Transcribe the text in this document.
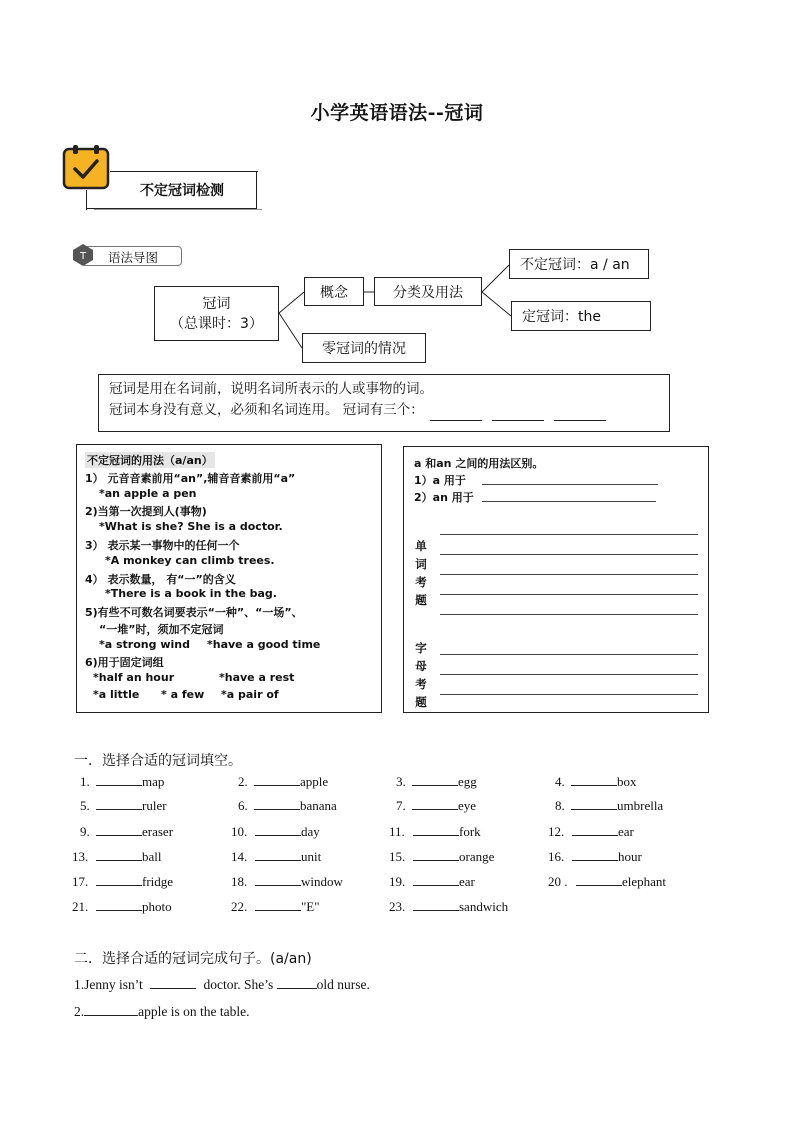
小学英语语法--冠词
不定冠词检测
T 语法导图
冠词
（总课时：3）
概念	分类及用法
不定冠词：a / an
定冠词：the
零冠词的情况
冠词是用在名词前，说明名词所表示的人或事物的词。
冠词本身没有意义，必须和名词连用。 冠词有三个：
不定冠词的用法（a/an）
1） 元音音素前用“an”,辅音音素前用“a”
*an apple a pen
2)当第一次提到人(事物)
*What is she? She is a doctor.
3） 表示某一事物中的任何一个
*A monkey can climb trees.
4） 表示数量， 有“一”的含义
*There is a book in the bag.
5)有些不可数名词要表示“一种”、“一场”、
“一堆”时，须加不定冠词
*a strong wind *have a good time
6)用于固定词组
*half an hour	*have a rest
*a little * a few *a pair of
a 和an 之间的用法区别。
1）a 用于
2）an 用于
单
词
考
题
字
母
考
题
一．选择合适的冠词填空。
1.	map	2.	apple	3.	egg	4.	box
5.	ruler	6.	banana	7.	eye	8.	umbrella
9.	eraser	10.	day	11.	fork	12.	ear
13.	ball	14.	unit	15.	orange	16.	hour
17.	fridge	18.	window	19.	ear	20 .	elephant
21.	photo	22.	"E"	23.	sandwich
二．选择合适的冠词完成句子。(a/an)
1.Jenny isn’t	doctor. She’s	old nurse.
2.	apple is on the table.
